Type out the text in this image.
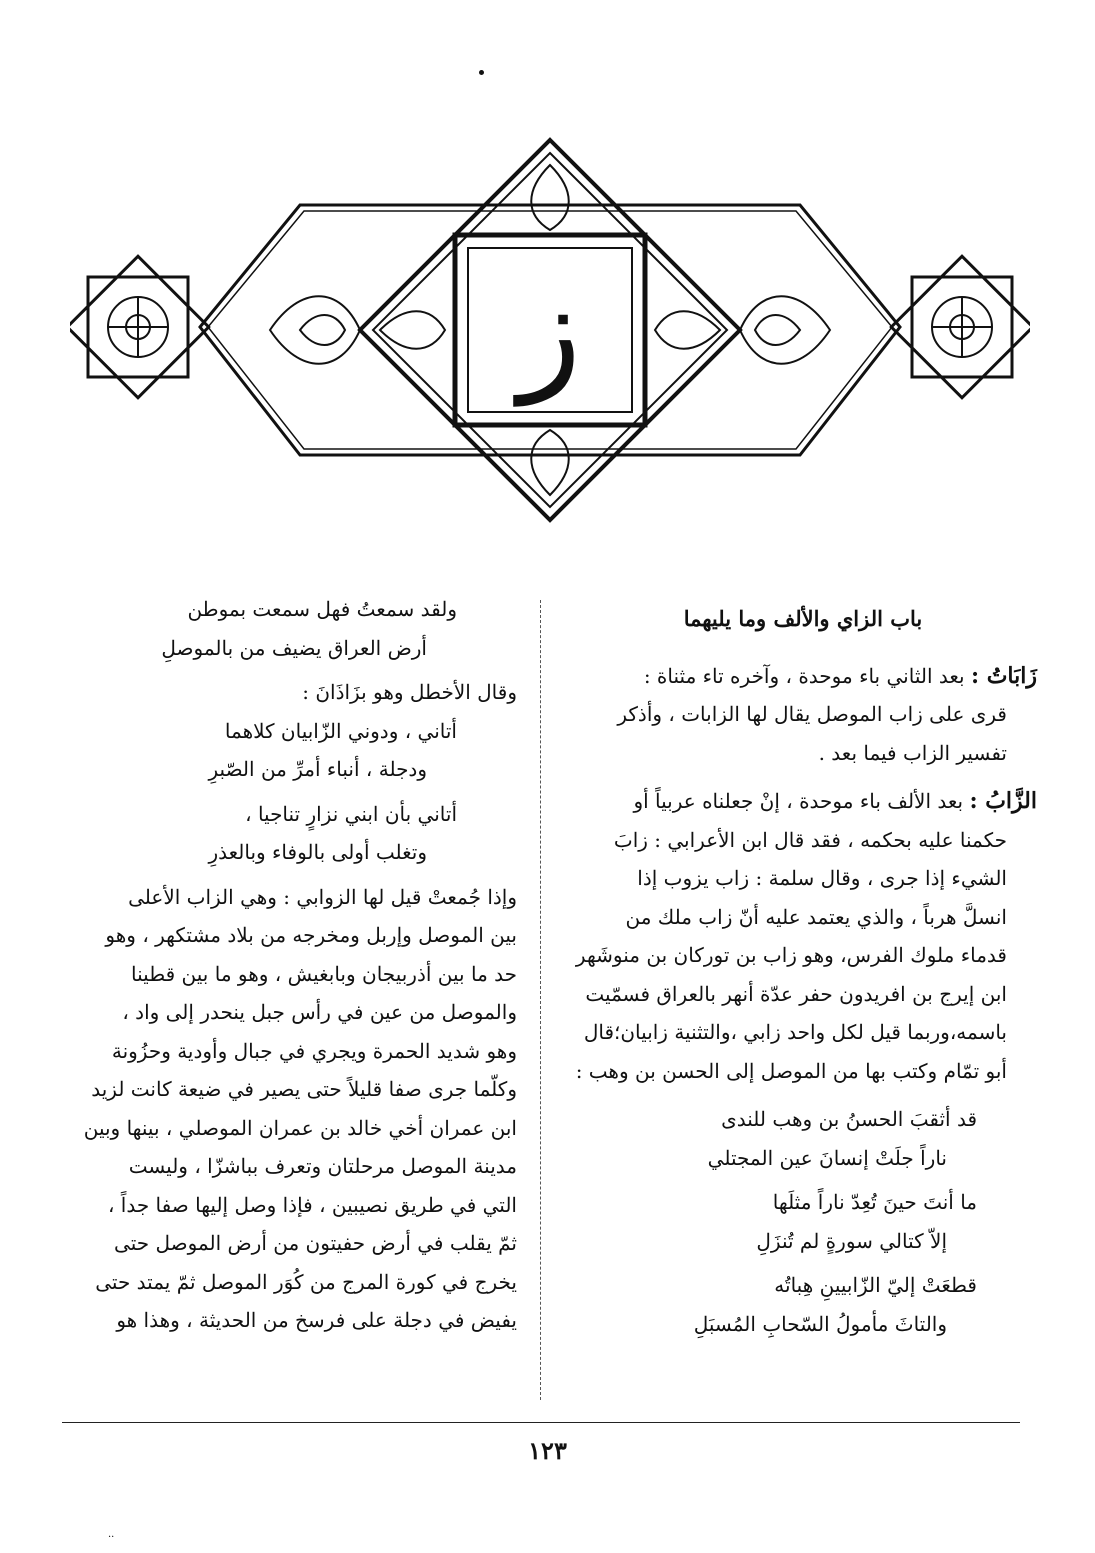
ز
باب الزاي والألف وما يليهما

زَابَاتُ : بعد الثاني باء موحدة ، وآخره تاء مثناة :

قرى على زاب الموصل يقال لها الزابات ، وأذكر

تفسير الزاب فيما بعد .

الزَّابُ : بعد الألف باء موحدة ، إنْ جعلناه عربياً أو

حكمنا عليه بحكمه ، فقد قال ابن الأعرابي : زابَ

الشيء إذا جرى ، وقال سلمة : زاب يزوب إذا

انسلَّ هرباً ، والذي يعتمد عليه أنّ زاب ملك من

قدماء ملوك الفرس، وهو زاب بن توركان بن منوشَهر

ابن إيرج بن افريدون حفر عدّة أنهر بالعراق فسمّيت

باسمه،وربما قيل لكل واحد زابي ،والتثنية زابيان؛قال

أبو تمّام وكتب بها من الموصل إلى الحسن بن وهب :

قد أثقبَ الحسنُ بن وهب للندى
ناراً جلَتْ إنسانَ عين المجتلي
ما أنتَ حينَ تُعِدّ ناراً مثلَها
إلاّ كتالي سورةٍ لم تُنزَلِ
قطعَتْ إليّ الزّابيينِ هِباتُه
والتاثَ مأمولُ السّحابِ المُسبَلِ
ولقد سمعتُ فهل سمعت بموطن
أرض العراق يضيف من بالموصلِ

وقال الأخطل وهو بزَاذَانَ :

أتاني ، ودوني الزّابيان كلاهما
ودجلة ، أنباء أمرِّ من الصّبرِ
أتاني بأن ابني نزارٍ تناجيا ،
وتغلب أولى بالوفاء وبالعذرِ

وإذا جُمعتْ قيل لها الزوابي : وهي الزاب الأعلى

بين الموصل وإربل ومخرجه من بلاد مشتكهر ، وهو

حد ما بين أذربيجان وبابغيش ، وهو ما بين قطينا

والموصل من عين في رأس جبل ينحدر إلى واد ،

وهو شديد الحمرة ويجري في جبال وأودية وحزُونة

وكلّما جرى صفا قليلاً حتى يصير في ضيعة كانت لزيد

ابن عمران أخي خالد بن عمران الموصلي ، بينها وبين

مدينة الموصل مرحلتان وتعرف بباشزّا ، وليست

التي في طريق نصيبين ، فإذا وصل إليها صفا جداً ،

ثمّ يقلب في أرض حفيتون من أرض الموصل حتى

يخرج في كورة المرج من كُوَر الموصل ثمّ يمتد حتى

يفيض في دجلة على فرسخ من الحديثة ، وهذا هو

١٢٣
··
